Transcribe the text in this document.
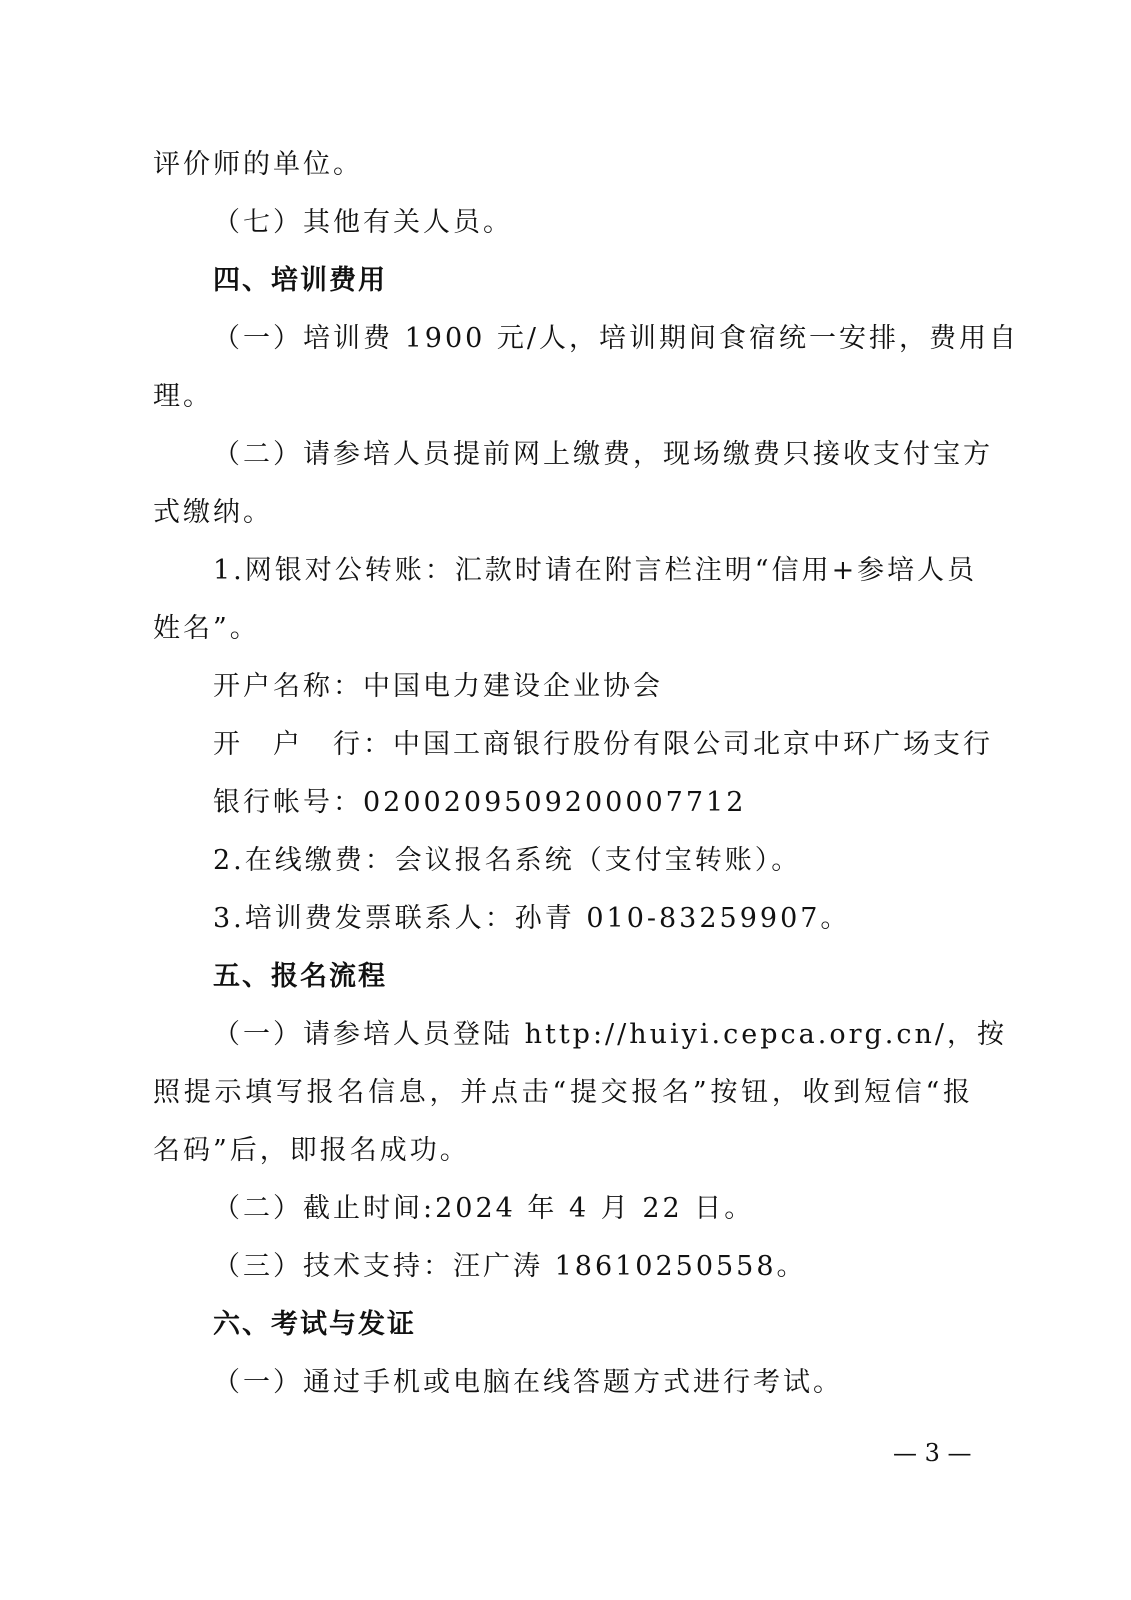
评价师的单位。
（七）其他有关人员。
四、培训费用
（一）培训费 1900 元/人，培训期间食宿统一安排，费用自
理。
（二）请参培人员提前网上缴费，现场缴费只接收支付宝方
式缴纳。
1.网银对公转账：汇款时请在附言栏注明“信用+参培人员
姓名”。
开户名称：中国电力建设企业协会
开　户　行：中国工商银行股份有限公司北京中环广场支行
银行帐号：0200209509200007712
2.在线缴费：会议报名系统（支付宝转账）。
3.培训费发票联系人：孙青 010-83259907。
五、报名流程
（一）请参培人员登陆 http://huiyi.cepca.org.cn/，按
照提示填写报名信息，并点击“提交报名”按钮，收到短信“报
名码”后，即报名成功。
（二）截止时间:2024 年 4 月 22 日。
（三）技术支持：汪广涛 18610250558。
六、考试与发证
（一）通过手机或电脑在线答题方式进行考试。
— 3 —
